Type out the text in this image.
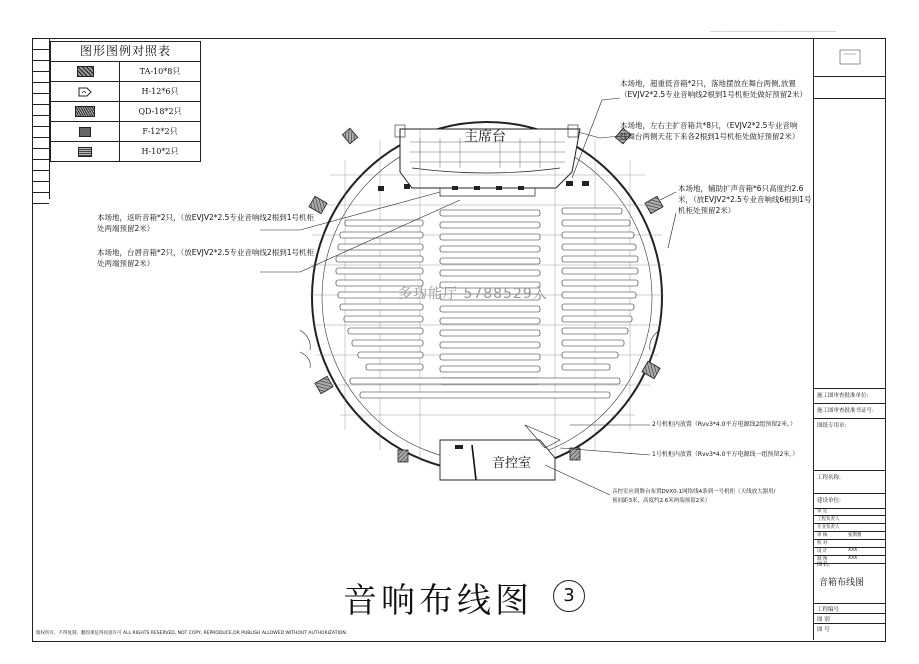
————————————————————————————————————
图形图例对照表
TA-10*8只
H-12*6只
QD-18*2只
F-12*2只
H-10*2只
主席台
音控室
本场地，超重低音箱*2只，落地摆放在舞台两侧,放置
（EVJV2*2.5专业音响线2根到1号机柜处做好预留2米）
本场地，左右主扩音箱共*8只，（EVJV2*2.5专业音响
线舞台两侧天花下来各2根到1号机柜处做好预留2米）
本场地，辅助扩声音箱*6只高度约2.6
米，（放EVJV2*2.5专业音响线6根到1号
机柜处预留2米）
本场地，返听音箱*2只，（放EVJV2*2.5专业音响线2根到1号机柜
处两端预留2米）
本场地，台唇音箱*2只，（放EVJV2*2.5专业音响线2根到1号机柜
处两端预留2米）
2号机柜内放置（Rvv3*4.0平方电源线2组预留2米。）
1号机柜内放置（Rvv3*4.0平方电源线一组预留2米。）
音控室应到舞台布置DVX0-1网络线4条到一号机柜（天线放大器用/
预间距3米，高度约2.6米两端预留2米）
多功能厅 5788529入
施工图审查批准单位:
施工图审查批准书证号:
图纸专用章:
工程名称:
建设单位:
审 定
工程负责人
专业负责人
审 核	张斯雅
校 对
设 计	XXX
制 图	XXX
图名:
音箱布线图
工程编号
图 别
图 号
音响布线图	3
版权所有，不得复制，翻印须征得同意许可 ALL RIGHTS RESERVED, NOT COPY, REPRODUCE,OR PUBLISH ALLOWED WITHOUT AUTHORIZATION.
